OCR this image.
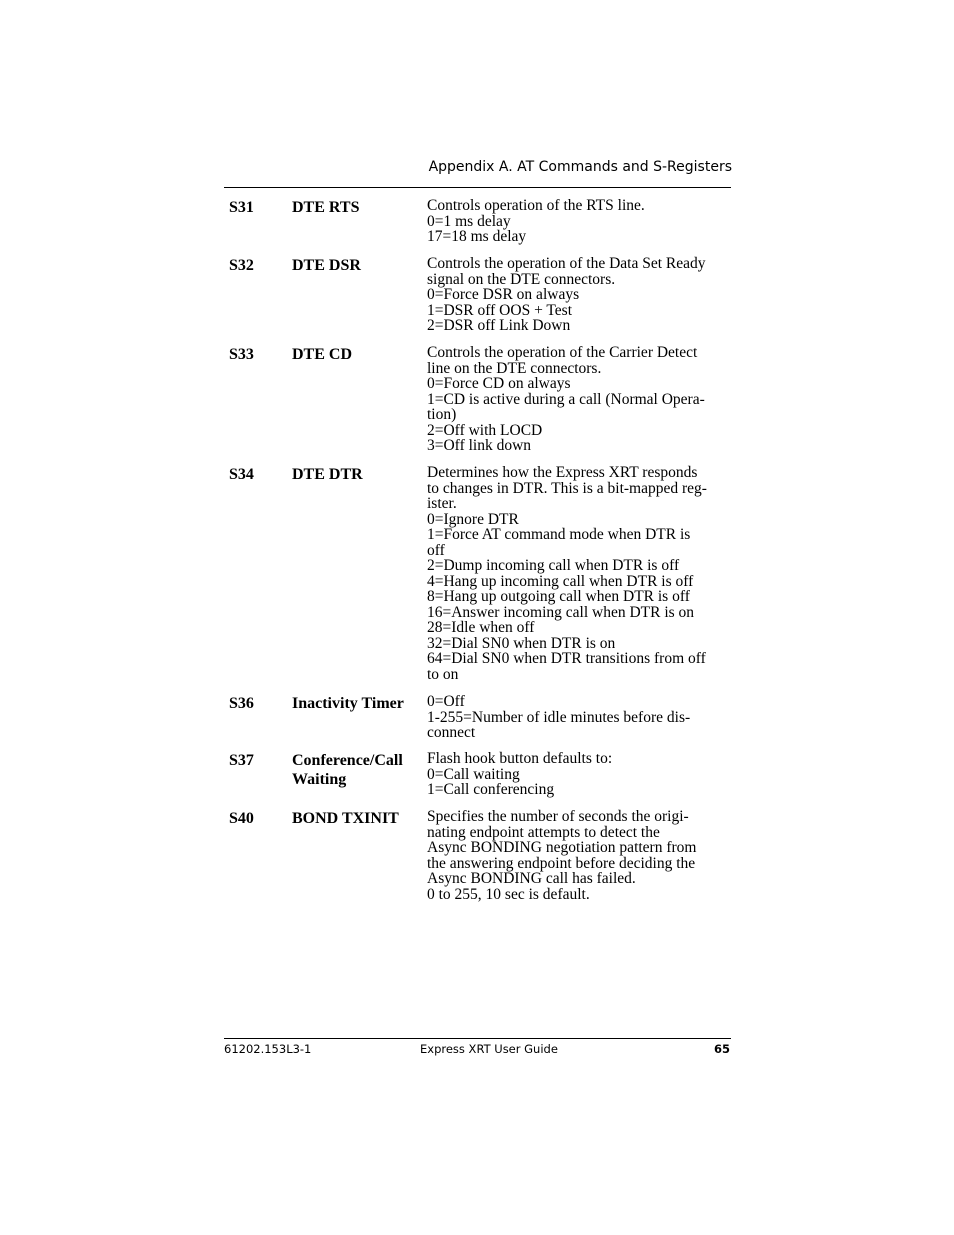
Appendix A. AT Commands and S-Registers
S31 DTE RTS	Controls operation of the RTS line.
0=1 ms delay
17=18 ms delay
S32 DTE DSR	Controls the operation of the Data Set Ready
signal on the DTE connectors.
0=Force DSR on always
1=DSR off OOS + Test
2=DSR off Link Down
S33 DTE CD	Controls the operation of the Carrier Detect
line on the DTE connectors.
0=Force CD on always
1=CD is active during a call (Normal Opera-
tion)
2=Off with LOCD
3=Off link down
S34 DTE DTR	Determines how the Express XRT responds
to changes in DTR. This is a bit-mapped reg-
ister.
0=Ignore DTR
1=Force AT command mode when DTR is
off
2=Dump incoming call when DTR is off
4=Hang up incoming call when DTR is off
8=Hang up outgoing call when DTR is off
16=Answer incoming call when DTR is on
28=Idle when off
32=Dial SN0 when DTR is on
64=Dial SN0 when DTR transitions from off
to on
S36 Inactivity Timer	0=Off
1-255=Number of idle minutes before dis-
connect
S37 Conference/Call Waiting
Flash hook button defaults to:
0=Call waiting
1=Call conferencing
S40 BOND TXINIT	Specifies the number of seconds the origi-
nating endpoint attempts to detect the
Async BONDING negotiation pattern from
the answering endpoint before deciding the
Async BONDING call has failed.
0 to 255, 10 sec is default.
61202.153L3-1	Express XRT User Guide	65
